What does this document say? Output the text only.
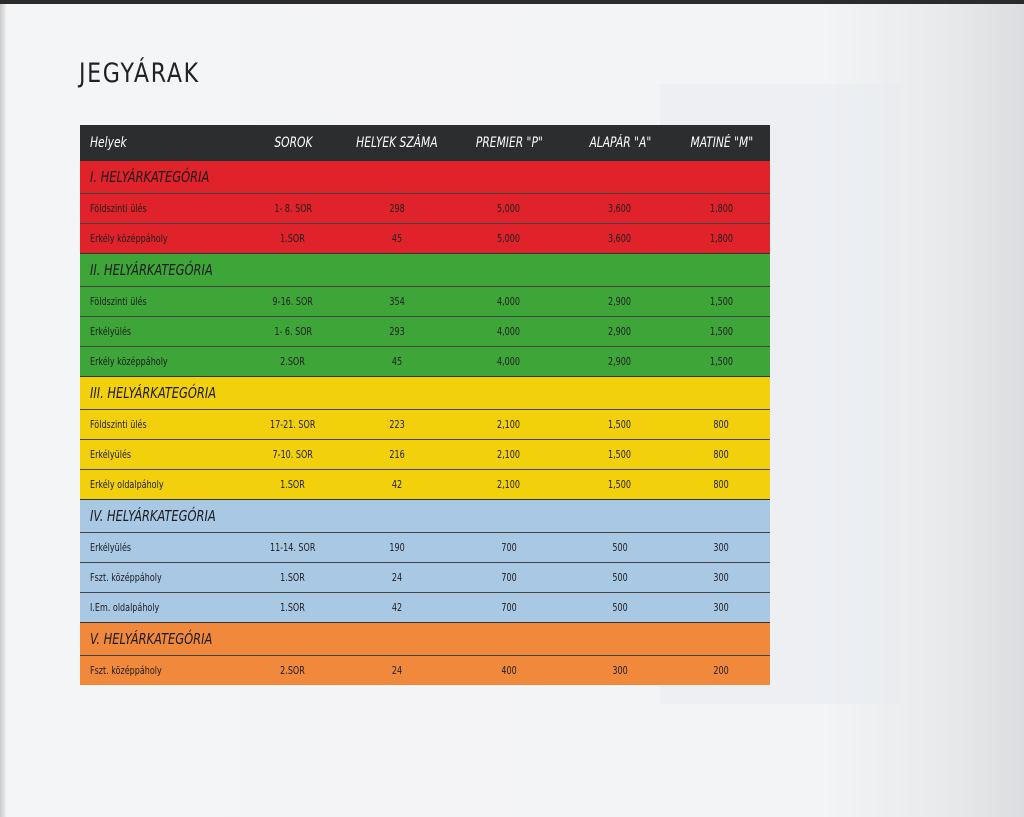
JEGYÁRAK
Helyek	SOROK	HELYEK SZÁMA	PREMIER "P"	ALAPÁR "A"	MATINÉ "M"
I. HELYÁRKATEGÓRIA					
Földszinti ülés	1- 8. SOR	298	5,000	3,600	1,800
Erkély középpáholy	1.SOR	45	5,000	3,600	1,800
II. HELYÁRKATEGÓRIA					
Földszinti ülés	9-16. SOR	354	4,000	2,900	1,500
Erkélyülés	1- 6. SOR	293	4,000	2,900	1,500
Erkély középpáholy	2.SOR	45	4,000	2,900	1,500
III. HELYÁRKATEGÓRIA					
Földszinti ülés	17-21. SOR	223	2,100	1,500	800
Erkélyülés	7-10. SOR	216	2,100	1,500	800
Erkély oldalpáholy	1.SOR	42	2,100	1,500	800
IV. HELYÁRKATEGÓRIA					
Erkélyülés	11-14. SOR	190	700	500	300
Fszt. középpáholy	1.SOR	24	700	500	300
I.Em. oldalpáholy	1.SOR	42	700	500	300
V. HELYÁRKATEGÓRIA					
Fszt. középpáholy	2.SOR	24	400	300	200
